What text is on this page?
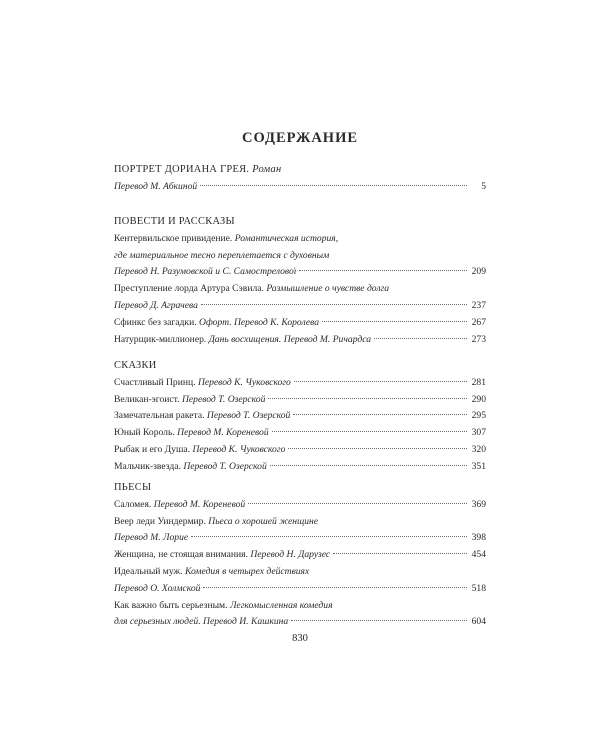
СОДЕРЖАНИЕ
ПОРТРЕТ ДОРИАНА ГРЕЯ. Роман
Перевод М. Абкиной	5
ПОВЕСТИ И РАССКАЗЫ
Кентервильское привидение. Романтическая история,
где материальное тесно переплетается с духовным
Перевод Н. Разумовской и С. Самострелової	209
Преступление лорда Артура Сэвила. Размышление о чувстве долга
Перевод Д. Аграчева	237
Сфинкс без загадки. Офорт. Перевод К. Королева	267
Натурщик-миллионер. Дань восхищения. Перевод М. Ричардса	273
СКАЗКИ
Счастливый Принц. Перевод К. Чуковского	281
Великан-эгоист. Перевод Т. Озерской	290
Замечательная ракета. Перевод Т. Озерской	295
Юный Король. Перевод М. Кореневой	307
Рыбак и его Душа. Перевод К. Чуковского	320
Мальчик-звезда. Перевод Т. Озерской	351
ПЬЕСЫ
Саломея. Перевод М. Кореневой	369
Веер леди Уиндермир. Пьеса о хорошей женщине
Перевод М. Лорие	398
Женщина, не стоящая внимания. Перевод Н. Дарузес	454
Идеальный муж. Комедия в четырех действиях
Перевод О. Холмской	518
Как важно быть серьезным. Легкомысленная комедия
для серьезных людей. Перевод И. Кашкина	604
830
